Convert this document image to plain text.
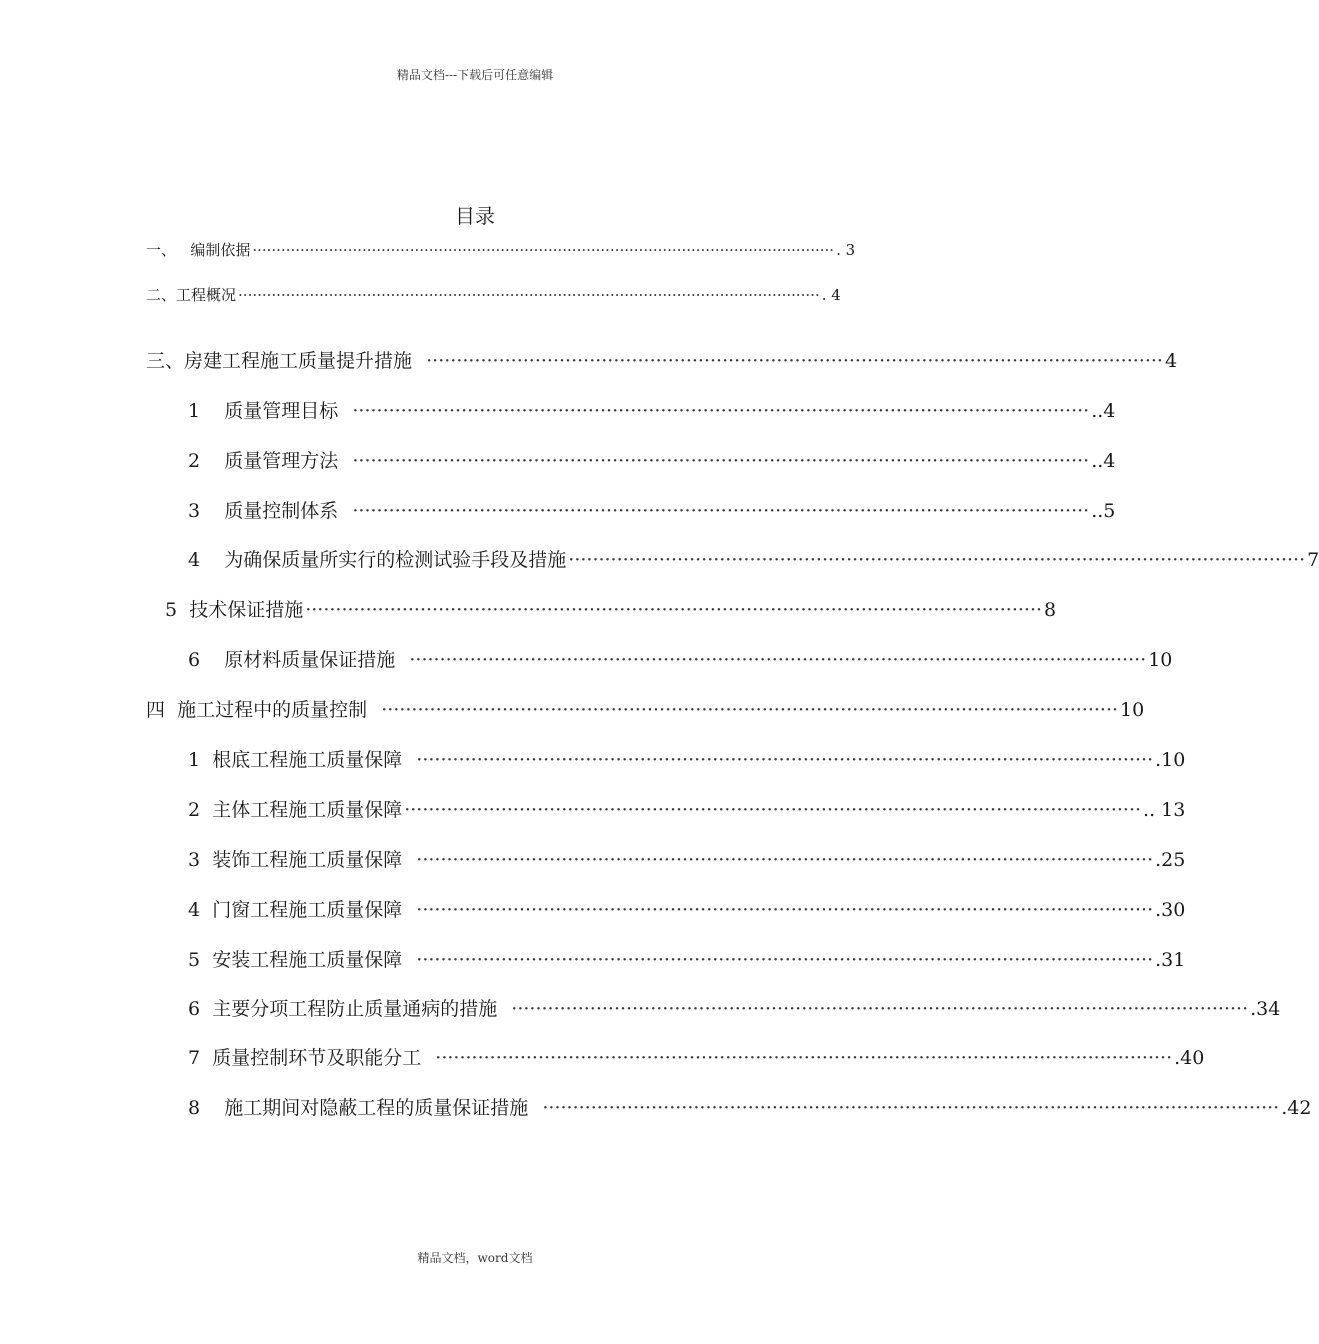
精品文档---下载后可任意编辑
目录
一、 编制依据 ·························································································································· . 3
二、工程概况 ·························································································································· . 4
三、房建工程施工质量提升措施 ·························································································································· 4
1 质量管理目标 ·························································································································· ..4
2 质量管理方法 ·························································································································· ..4
3 质量控制体系 ·························································································································· ..5
4 为确保质量所实行的检测试验手段及措施 ·························································································································· 7
5 技术保证措施 ·························································································································· 8
6 原材料质量保证措施 ·························································································································· 10
四 施工过程中的质量控制 ·························································································································· 10
1 根底工程施工质量保障 ·························································································································· .10
2 主体工程施工质量保障 ·························································································································· .. 13
3 装饰工程施工质量保障 ·························································································································· .25
4 门窗工程施工质量保障 ·························································································································· .30
5 安装工程施工质量保障 ·························································································································· .31
6 主要分项工程防止质量通病的措施 ·························································································································· .34
7 质量控制环节及职能分工 ·························································································································· .40
8 施工期间对隐蔽工程的质量保证措施 ·························································································································· .42
精品文档，word文档
